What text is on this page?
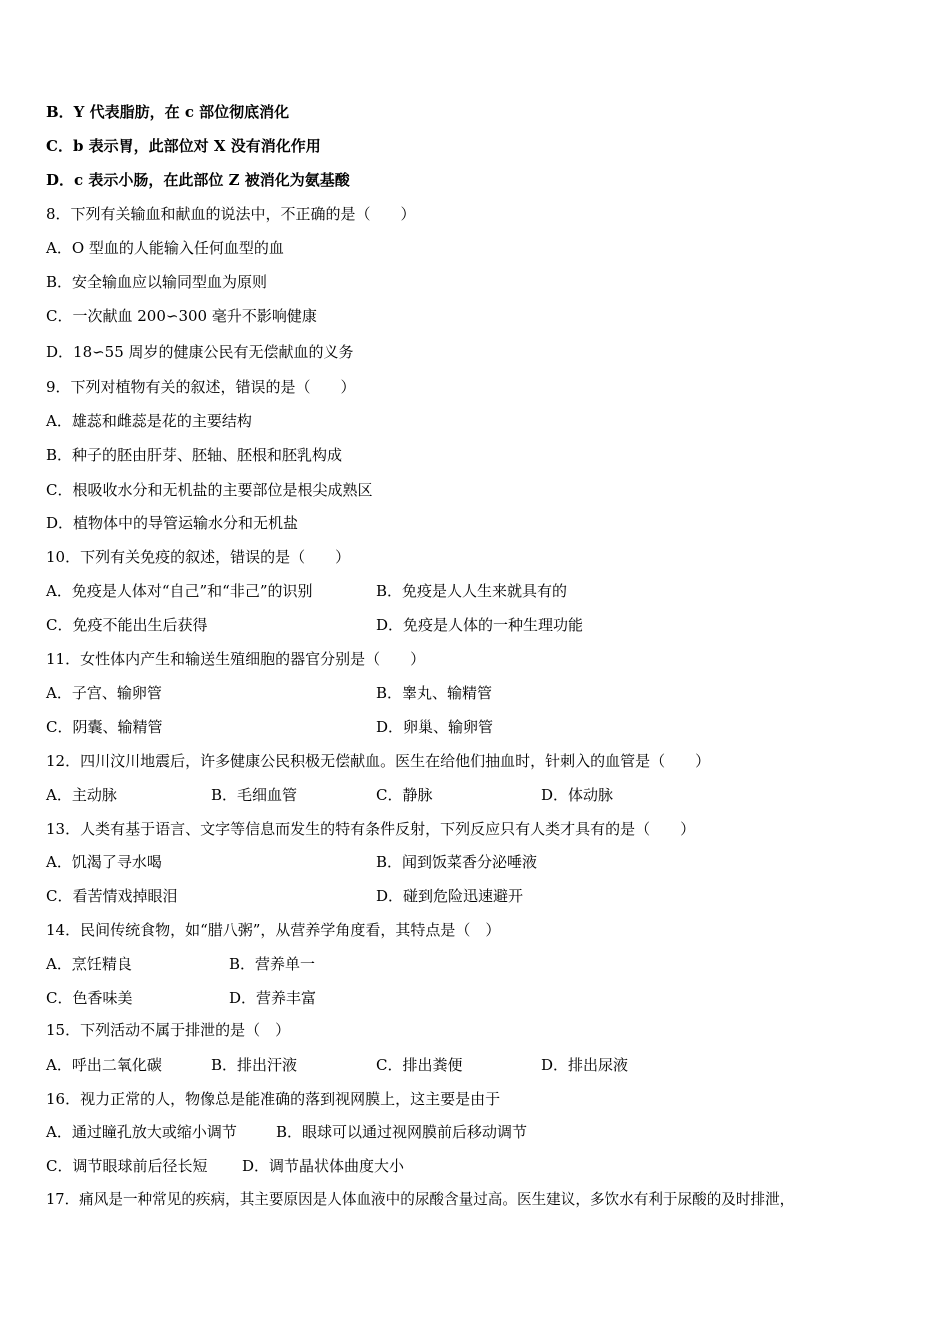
B．Y 代表脂肪，在 c 部位彻底消化
C．b 表示胃，此部位对 X 没有消化作用
D．c 表示小肠，在此部位 Z 被消化为氨基酸
8．下列有关输血和献血的说法中，不正确的是（　　）
A．O 型血的人能输入任何血型的血
B．安全输血应以输同型血为原则
C．一次献血 200∽300 毫升不影响健康
D．18∽55 周岁的健康公民有无偿献血的义务
9．下列对植物有关的叙述，错误的是（　　）
A．雄蕊和雌蕊是花的主要结构
B．种子的胚由肝芽、胚轴、胚根和胚乳构成
C．根吸收水分和无机盐的主要部位是根尖成熟区
D．植物体中的导管运输水分和无机盐
10．下列有关免疫的叙述，错误的是（　　）
A．免疫是人体对“自己”和“非己”的识别	B．免疫是人人生来就具有的
C．免疫不能出生后获得	D．免疫是人体的一种生理功能
11．女性体内产生和输送生殖细胞的器官分别是（　　）
A．子宫、输卵管	B．睾丸、输精管
C．阴囊、输精管	D．卵巢、输卵管
12．四川汶川地震后，许多健康公民积极无偿献血。医生在给他们抽血时，针刺入的血管是（　　）
A．主动脉	B．毛细血管	C．静脉	D．体动脉
13．人类有基于语言、文字等信息而发生的特有条件反射，下列反应只有人类才具有的是（　　）
A．饥渴了寻水喝	B．闻到饭菜香分泌唾液
C．看苦情戏掉眼泪	D．碰到危险迅速避开
14．民间传统食物，如“腊八粥”，从营养学角度看，其特点是（　）
A．烹饪精良	B．营养单一
C．色香味美	D．营养丰富
15．下列活动不属于排泄的是（　）
A．呼出二氧化碳	B．排出汗液	C．排出粪便	D．排出尿液
16．视力正常的人，物像总是能准确的落到视网膜上，这主要是由于
A．通过瞳孔放大或缩小调节	B．眼球可以通过视网膜前后移动调节
C．调节眼球前后径长短 D．调节晶状体曲度大小
17．痛风是一种常见的疾病，其主要原因是人体血液中的尿酸含量过高。医生建议，多饮水有利于尿酸的及时排泄，
